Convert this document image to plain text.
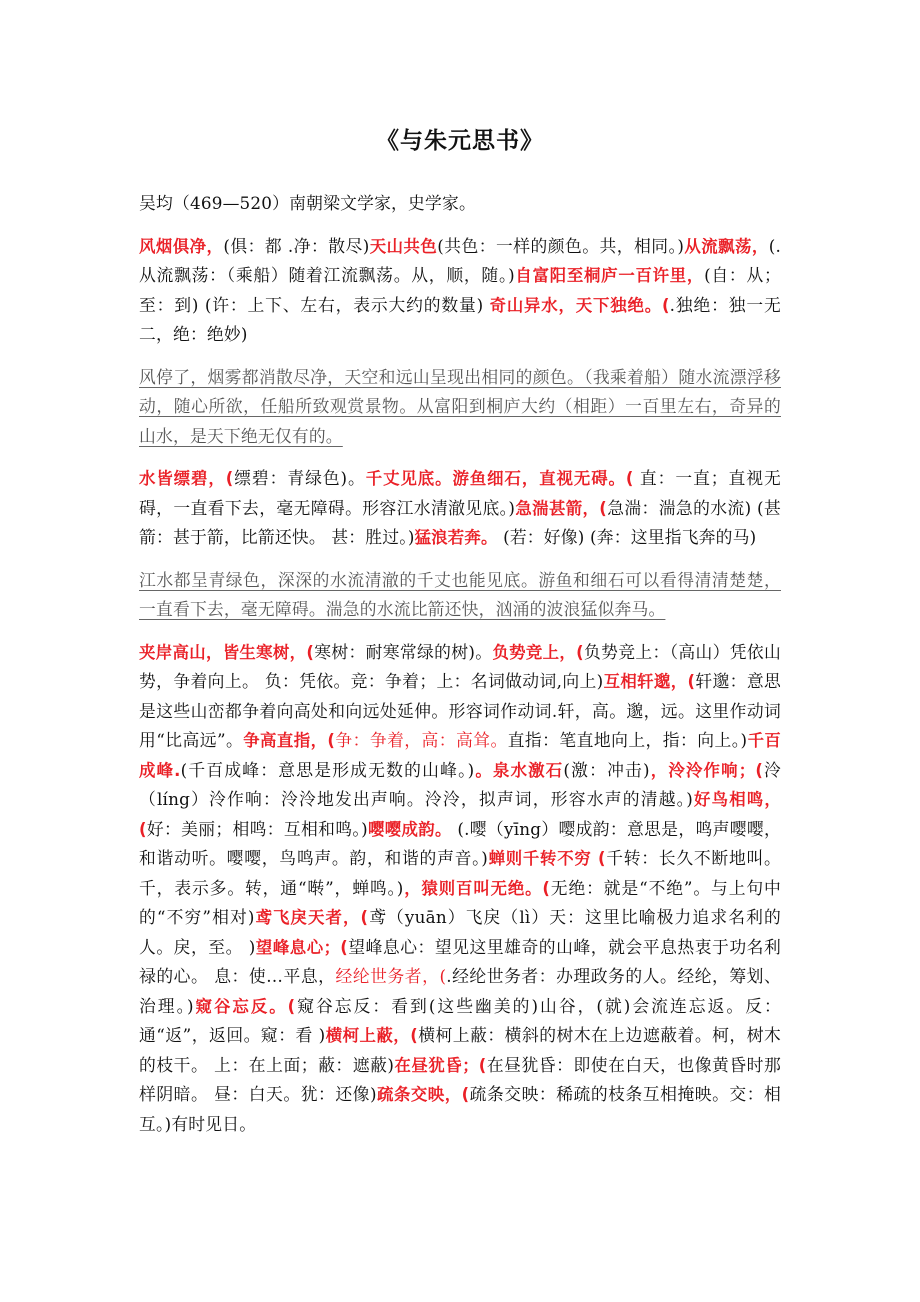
《与朱元思书》

吴均（469—520）南朝梁文学家，史学家。

风烟俱净，(俱：都 .净：散尽)天山共色(共色：一样的颜色。共，相同。)从流飘荡，(.从流飘荡：（乘船）随着江流飘荡。从，顺，随。)自富阳至桐庐一百许里，(自：从；至：到) (许：上下、左右，表示大约的数量) 奇山异水，天下独绝。(.独绝：独一无二，绝：绝妙)

风停了，烟雾都消散尽净，天空和远山呈现出相同的颜色。（我乘着船）随水流漂浮移动，随心所欲，任船所致观赏景物。从富阳到桐庐大约（相距）一百里左右，奇异的山水，是天下绝无仅有的。

水皆缥碧，(缥碧：青绿色)。千丈见底。游鱼细石，直视无碍。( 直：一直；直视无碍，一直看下去，毫无障碍。形容江水清澈见底。)急湍甚箭，(急湍：湍急的水流) (甚箭：甚于箭，比箭还快。 甚：胜过。)猛浪若奔。 (若：好像) (奔：这里指飞奔的马)

江水都呈青绿色，深深的水流清澈的千丈也能见底。游鱼和细石可以看得清清楚楚，一直看下去，毫无障碍。湍急的水流比箭还快，汹涌的波浪猛似奔马。

夹岸高山，皆生寒树，(寒树：耐寒常绿的树)。负势竞上，(负势竞上：（高山）凭依山势，争着向上。 负：凭依。竞：争着；上：名词做动词,向上)互相轩邈，(轩邈：意思是这些山峦都争着向高处和向远处延伸。形容词作动词.轩，高。邈，远。这里作动词用“比高远”。争高直指，(争：争着，高：高耸。直指：笔直地向上，指：向上。)千百成峰.(千百成峰：意思是形成无数的山峰。)。泉水激石(激：冲击)，泠泠作响；(泠（líng）泠作响：泠泠地发出声响。泠泠，拟声词，形容水声的清越。)好鸟相鸣，(好：美丽；相鸣：互相和鸣。)嘤嘤成韵。 (.嘤（yīng）嘤成韵：意思是，鸣声嘤嘤，和谐动听。嘤嘤，鸟鸣声。韵，和谐的声音。)蝉则千转不穷 (千转：长久不断地叫。千，表示多。转，通“啭”，蝉鸣。)，猿则百叫无绝。(无绝：就是“不绝”。与上句中的“不穷”相对)鸢飞戾天者，(鸢（yuān）飞戾（lì）天：这里比喻极力追求名利的人。戾，至。 )望峰息心；(望峰息心：望见这里雄奇的山峰，就会平息热衷于功名利禄的心。 息：使…平息，经纶世务者，(.经纶世务者：办理政务的人。经纶，筹划、治理。)窥谷忘反。(窥谷忘反：看到(这些幽美的)山谷，(就)会流连忘返。反：通“返”，返回。窥：看 )横柯上蔽，(横柯上蔽：横斜的树木在上边遮蔽着。柯，树木的枝干。 上：在上面；蔽：遮蔽)在昼犹昏；(在昼犹昏：即使在白天，也像黄昏时那样阴暗。 昼：白天。犹：还像)疏条交映，(疏条交映：稀疏的枝条互相掩映。交：相互。)有时见日。
